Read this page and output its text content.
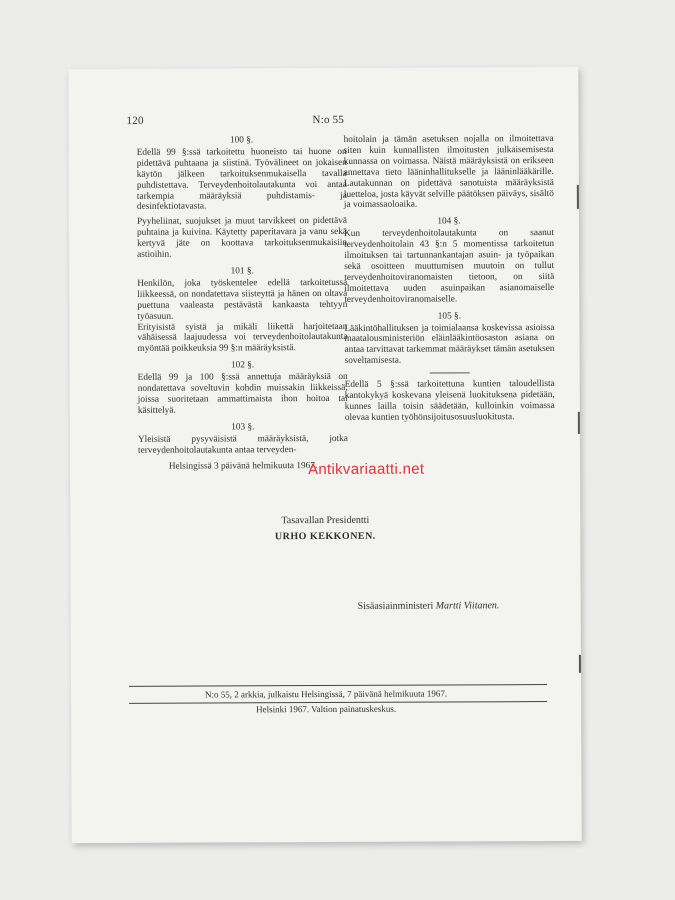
120	N:o 55
100 §.

Edellä 99 §:ssä tarkoitettu huoneisto tai huone on pidettävä puhtaana ja siistinä. Työvälineet on jokaisen käytön jälkeen tarkoituksenmukaisella tavalla puhdistettava. Terveydenhoitolautakunta voi antaa tarkempia määräyksiä puhdistamis- ja desinfektiotavasta.

Pyyheliinat, suojukset ja muut tarvikkeet on pidettävä puhtaina ja kuivina. Käytetty paperitavara ja vanu sekä kertyvä jäte on koottava tarkoituksenmukaisiin astioihin.

101 §.

Henkilön, joka työskentelee edellä tarkoitetussa liikkeessä, on nondatettava siisteyttä ja hänen on oltava puettuna vaaleasta pestävästä kankaasta tehtyyn työasuun.

Erityisistä syistä ja mikäli liikettä harjoitetaan vähäisessä laajuudessa voi terveydenhoitolautakunta myöntää poikkeuksia 99 §:n määräyksistä.

102 §.

Edellä 99 ja 100 §:ssä annettuja määräyksiä on nondatettava soveltuvin kohdin muissakin liikkeissä, joissa suoritetaan ammattimaista ihon hoitoa tai käsittelyä.

103 §.

Yleisistä pysyväisistä määräyksistä, jotka terveydenhoitolautakunta antaa terveyden-

Helsingissä 3 päivänä helmikuuta 1967.

hoitolain ja tämän asetuksen nojalla on ilmoitettava siten kuin kunnallisten ilmoitusten julkaisemisesta kunnassa on voimassa. Näistä määräyksistä on erikseen annettava tieto lääninhallitukselle ja lääninlääkärille. Lautakunnan on pidettävä sanotuista määräyksistä luetteloa, josta käyvät selville päätöksen päiväys, sisältö ja voimassaoloaika.

104 §.

Kun terveydenhoitolautakunta on saanut terveydenhoitolain 43 §:n 5 momentissa tarkoitetun ilmoituksen tai tartunnankantajan asuin- ja työpaikan sekä osoitteen muuttumisen muutoin on tullut terveydenhoitoviranomaisten tietoon, on siitä ilmoitettava uuden asuinpaikan asianomaiselle terveydenhoitoviranomaiselle.

105 §.

Lääkintöhallituksen ja toimialaansa koskevissa asioissa maatalousministeriön eläinlääkintöosaston asiana on antaa tarvittavat tarkemmat määräykset tämän asetuksen soveltamisesta.

Edellä 5 §:ssä tarkoitettuna kuntien taloudellista kantokykyä koskevana yleisenä luokituksena pidetään, kunnes lailla toisin säädetään, kulloinkin voimassa olevaa kuntien työhönsijoitusosuusluokitusta.

Tasavallan Presidentti
URHO KEKKONEN.
Sisäasiainministeri Martti Viitanen.
N:o 55, 2 arkkia, julkaistu Helsingissä, 7 päivänä helmikuuta 1967.
Helsinki 1967. Valtion painatuskeskus.
Antikvariaatti.net
